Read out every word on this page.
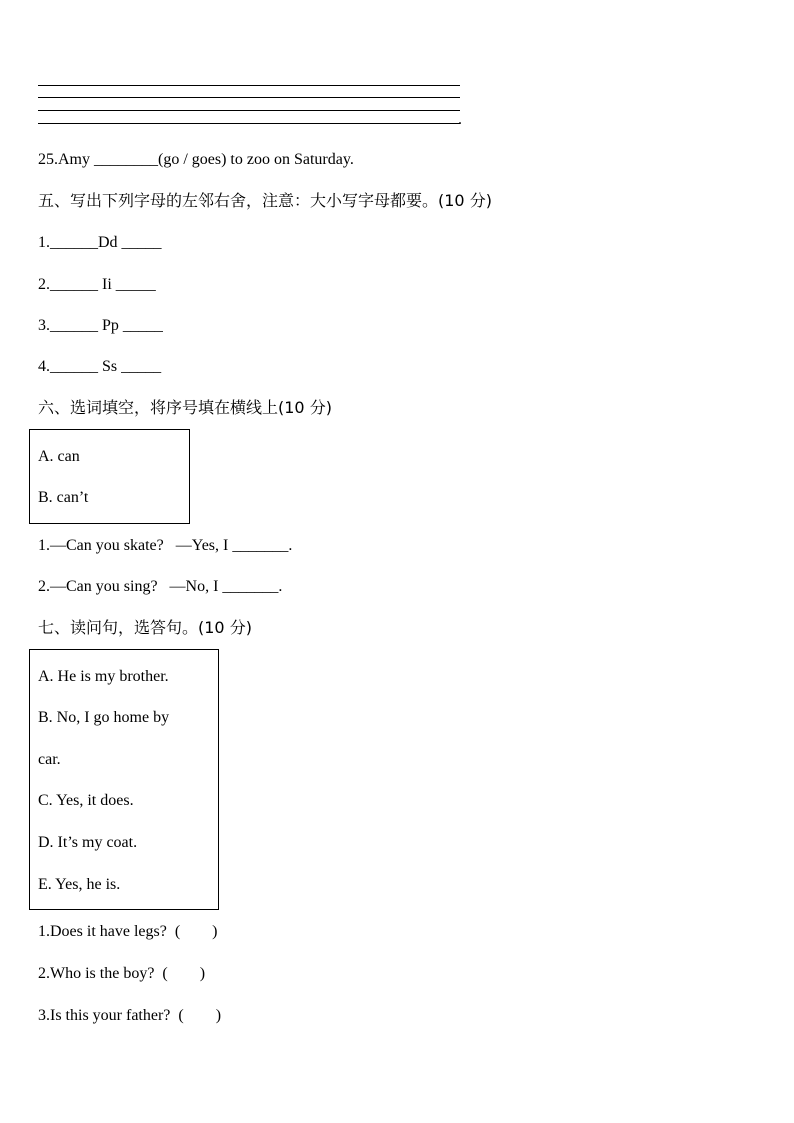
.
25.Amy ________(go / goes) to zoo on Saturday.
五、写出下列字母的左邻右舍，注意：大小写字母都要。(10 分)
1.______Dd _____
2.______ Ii _____
3.______ Pp _____
4.______ Ss _____
六、选词填空，将序号填在横线上(10 分)
A. can
B. can’t
1.—Can you skate?   —Yes, I _______.
2.—Can you sing?   —No, I _______.
七、读问句，选答句。(10 分)
A. He is my brother.
B. No, I go home by
car.
C. Yes, it does.
D. It’s my coat.
E. Yes, he is.
1.Does it have legs?  (        )
2.Who is the boy?  (        )
3.Is this your father?  (        )
